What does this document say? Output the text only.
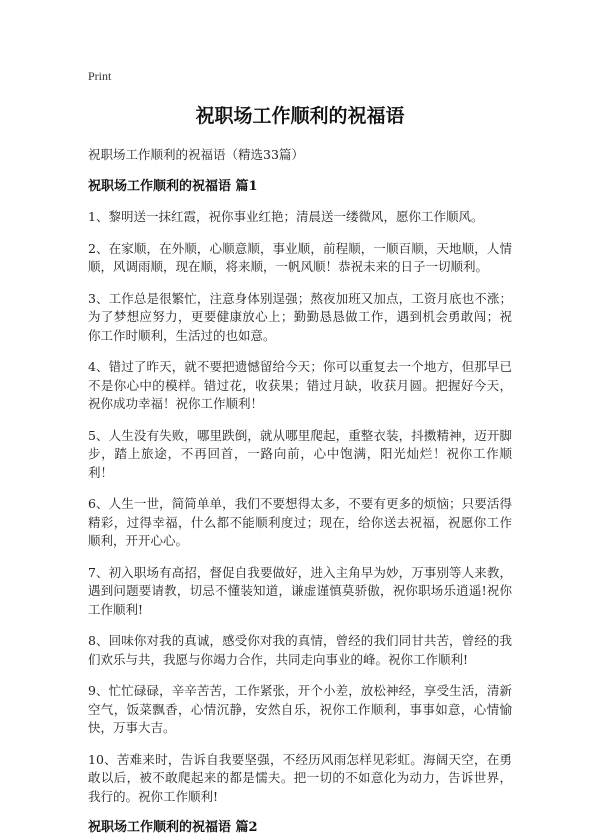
Print
祝职场工作顺利的祝福语
祝职场工作顺利的祝福语（精选33篇）
祝职场工作顺利的祝福语 篇1

1、黎明送一抹红霞，祝你事业红艳；清晨送一缕微风，愿你工作顺风。

2、在家顺，在外顺，心顺意顺，事业顺，前程顺，一顺百顺，天地顺，人情顺，风调雨顺，现在顺，将来顺，一帆风顺！恭祝未来的日子一切顺利。

3、工作总是很繁忙，注意身体别逞强；熬夜加班又加点，工资月底也不涨；为了梦想应努力，更要健康放心上；勤勤恳恳做工作，遇到机会勇敢闯；祝你工作时顺利，生活过的也如意。

4、错过了昨天，就不要把遗憾留给今天；你可以重复去一个地方，但那早已不是你心中的模样。错过花，收获果；错过月缺，收获月圆。把握好今天，祝你成功幸福！祝你工作顺利！

5、人生没有失败，哪里跌倒，就从哪里爬起，重整衣装，抖擞精神，迈开脚步，踏上旅途，不再回首，一路向前，心中饱满，阳光灿烂！祝你工作顺利！

6、人生一世，简简单单，我们不要想得太多，不要有更多的烦恼；只要活得精彩，过得幸福，什么都不能顺利度过；现在，给你送去祝福，祝愿你工作顺利，开开心心。

7、初入职场有高招，督促自我要做好，进入主角早为妙，万事别等人来教，遇到问题要请教，切忌不懂装知道，谦虚谨慎莫骄傲，祝你职场乐逍遥!祝你工作顺利!

8、回味你对我的真诚，感受你对我的真情，曾经的我们同甘共苦，曾经的我们欢乐与共，我愿与你竭力合作，共同走向事业的峰。祝你工作顺利!

9、忙忙碌碌，辛辛苦苦，工作紧张，开个小差，放松神经，享受生活，清新空气，饭菜飘香，心情沉静，安然自乐，祝你工作顺利，事事如意，心情愉快，万事大吉。

10、苦难来时，告诉自我要坚强，不经历风雨怎样见彩虹。海阔天空，在勇敢以后，被不敢爬起来的都是懦夫。把一切的不如意化为动力，告诉世界，我行的。祝你工作顺利!

祝职场工作顺利的祝福语 篇2
